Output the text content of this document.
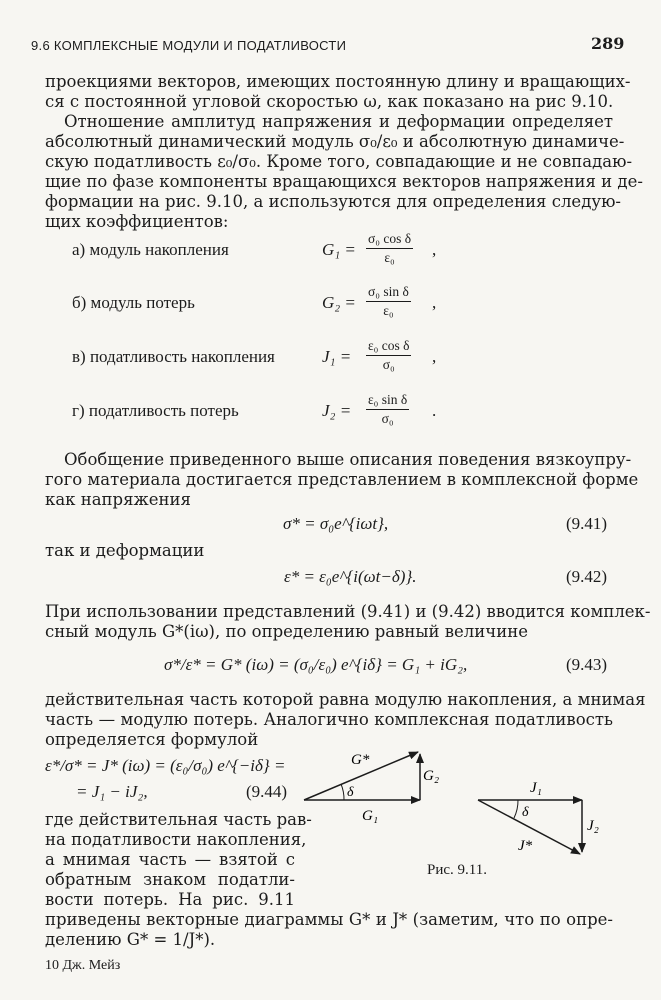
9.6 КОМПЛЕКСНЫЕ МОДУЛИ И ПОДАТЛИВОСТИ	289
проекциями векторов, имеющих постоянную длину и вращающих-
ся с постоянной угловой скоростью ω, как показано на рис 9.10.
Отношение амплитуд напряжения и деформации определяет
абсолютный динамический модуль σ₀/ε₀ и абсолютную динамиче-
скую податливость ε₀/σ₀. Кроме того, совпадающие и не совпадаю-
щие по фазе компоненты вращающихся векторов напряжения и де-
формации на рис. 9.10, а используются для определения следую-
щих коэффициентов:
а) модуль накопления	$G_1 = \frac{\text{σ₀ cos δ}}{\text{ε₀}}$ ,
б) модуль потерь	$G_2 = \frac{\text{σ₀ sin δ}}{\text{ε₀}}$ ,
в) податливость накопления	$J_1 = \frac{\text{ε₀ cos δ}}{\text{σ₀}}$ ,
г) податливость потерь	$J_2 = \frac{\text{ε₀ sin δ}}{\text{σ₀}}$ .
Обобщение приведенного выше описания поведения вязкоупру-
гого материала достигается представлением в комплексной форме
как напряжения
σ* = σ₀e^{iωt},	(9.41)
так и деформации
ε* = ε₀e^{i(ωt−δ)}.	(9.42)
При использовании представлений (9.41) и (9.42) вводится комплек-
сный модуль G*(iω), по определению равный величине
σ*/ε* = G* (iω) = (σ₀/ε₀) e^{iδ} = G₁ + iG₂,	(9.43)
действительная часть которой равна модулю накопления, а мнимая
часть — модулю потерь. Аналогично комплексная податливость
определяется формулой
ε*/σ* = J* (iω) = (ε₀/σ₀) e^{−iδ} =
= J₁ − iJ₂,	(9.44)
где действительная часть рав-
на податливости накопления,
а мнимая часть — взятой с
обратным знаком податли-
вости потерь. На рис. 9.11
приведены векторные диаграммы G* и J* (заметим, что по опре-
делению G* = 1/J*).
G*
G₂
G₁
δ	J₁
J₂
J*
δ
Рис. 9.11.
10 Дж. Мейз
